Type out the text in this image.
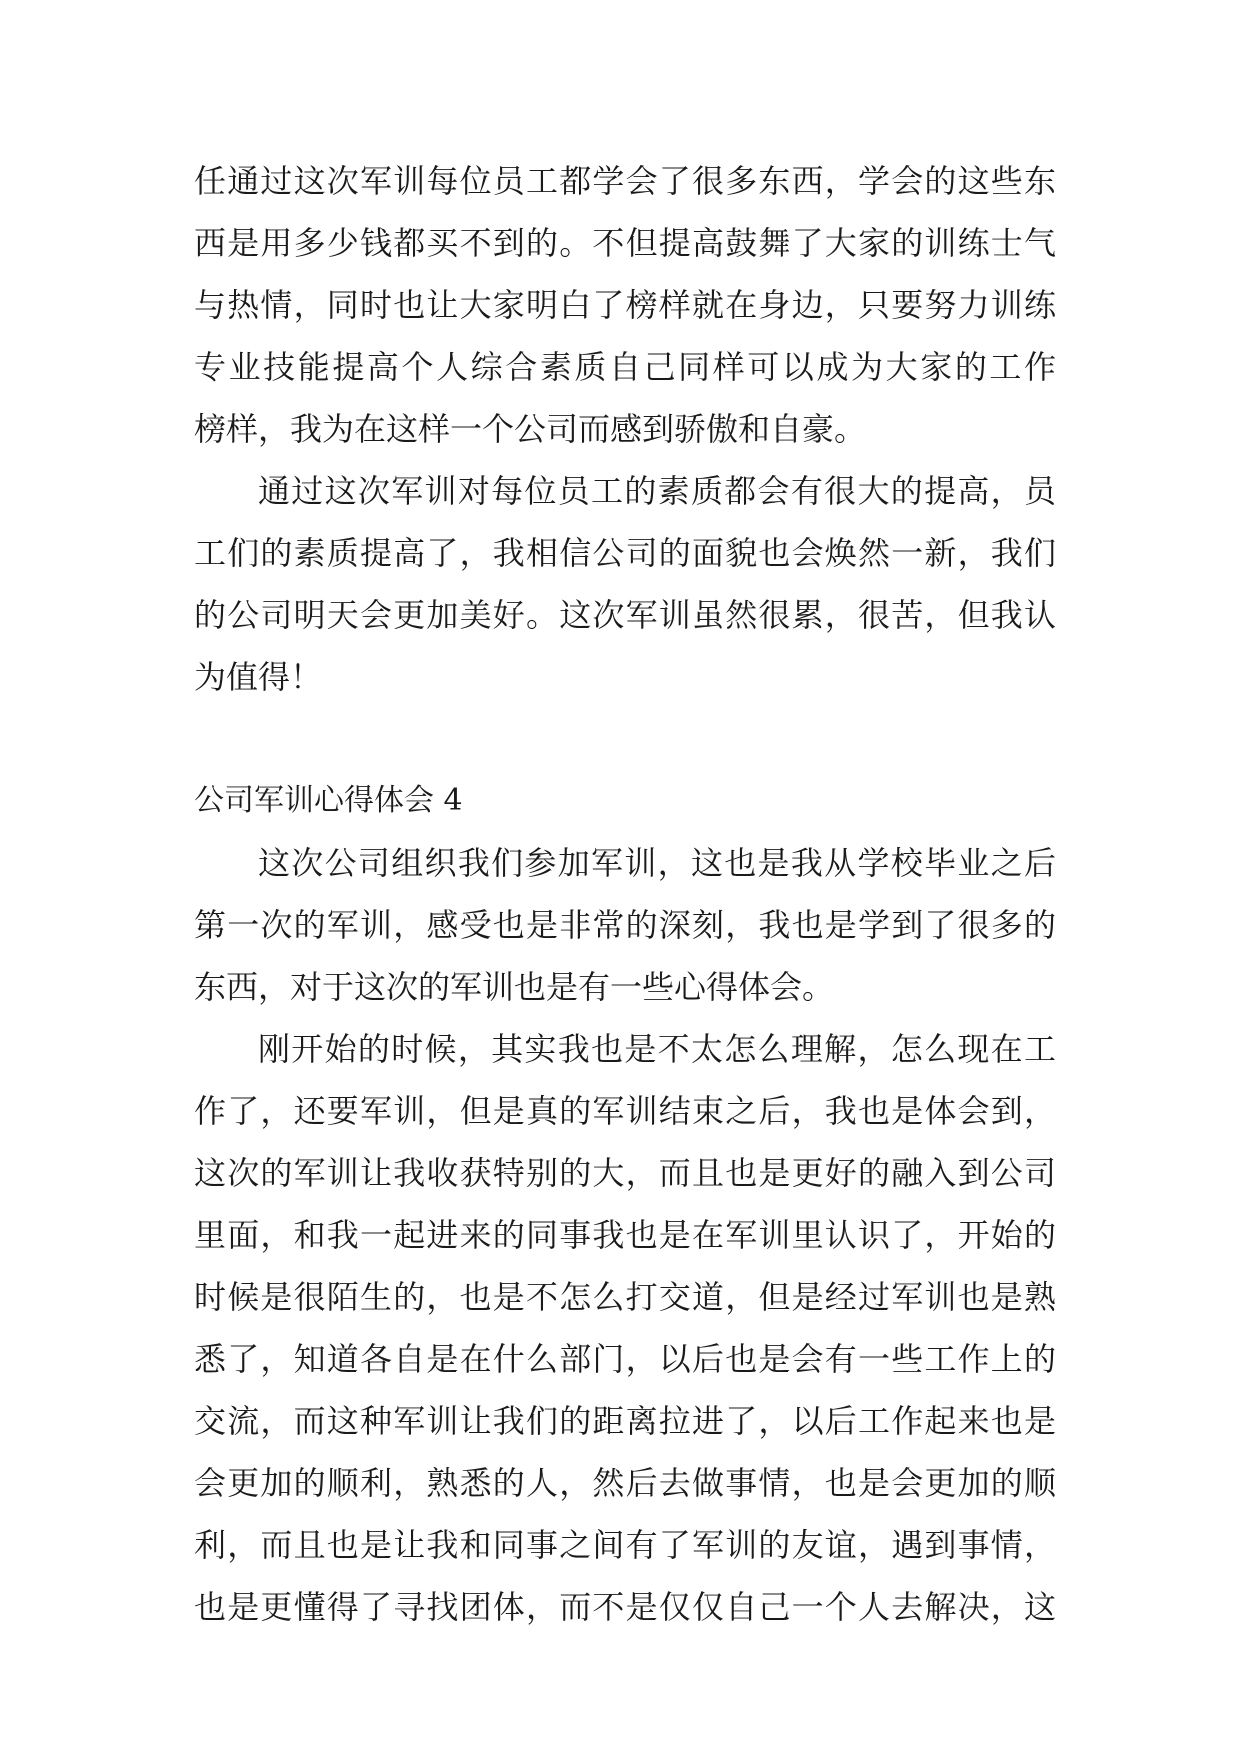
任通过这次军训每位员工都学会了很多东西，学会的这些东
西是用多少钱都买不到的。不但提高鼓舞了大家的训练士气
与热情，同时也让大家明白了榜样就在身边，只要努力训练
专业技能提高个人综合素质自己同样可以成为大家的工作
榜样，我为在这样一个公司而感到骄傲和自豪。
通过这次军训对每位员工的素质都会有很大的提高，员
工们的素质提高了，我相信公司的面貌也会焕然一新，我们
的公司明天会更加美好。这次军训虽然很累，很苦，但我认
为值得！
公司军训心得体会 4
这次公司组织我们参加军训，这也是我从学校毕业之后
第一次的军训，感受也是非常的深刻，我也是学到了很多的
东西，对于这次的军训也是有一些心得体会。
刚开始的时候，其实我也是不太怎么理解，怎么现在工
作了，还要军训，但是真的军训结束之后，我也是体会到，
这次的军训让我收获特别的大，而且也是更好的融入到公司
里面，和我一起进来的同事我也是在军训里认识了，开始的
时候是很陌生的，也是不怎么打交道，但是经过军训也是熟
悉了，知道各自是在什么部门，以后也是会有一些工作上的
交流，而这种军训让我们的距离拉进了，以后工作起来也是
会更加的顺利，熟悉的人，然后去做事情，也是会更加的顺
利，而且也是让我和同事之间有了军训的友谊，遇到事情，
也是更懂得了寻找团体，而不是仅仅自己一个人去解决，这
